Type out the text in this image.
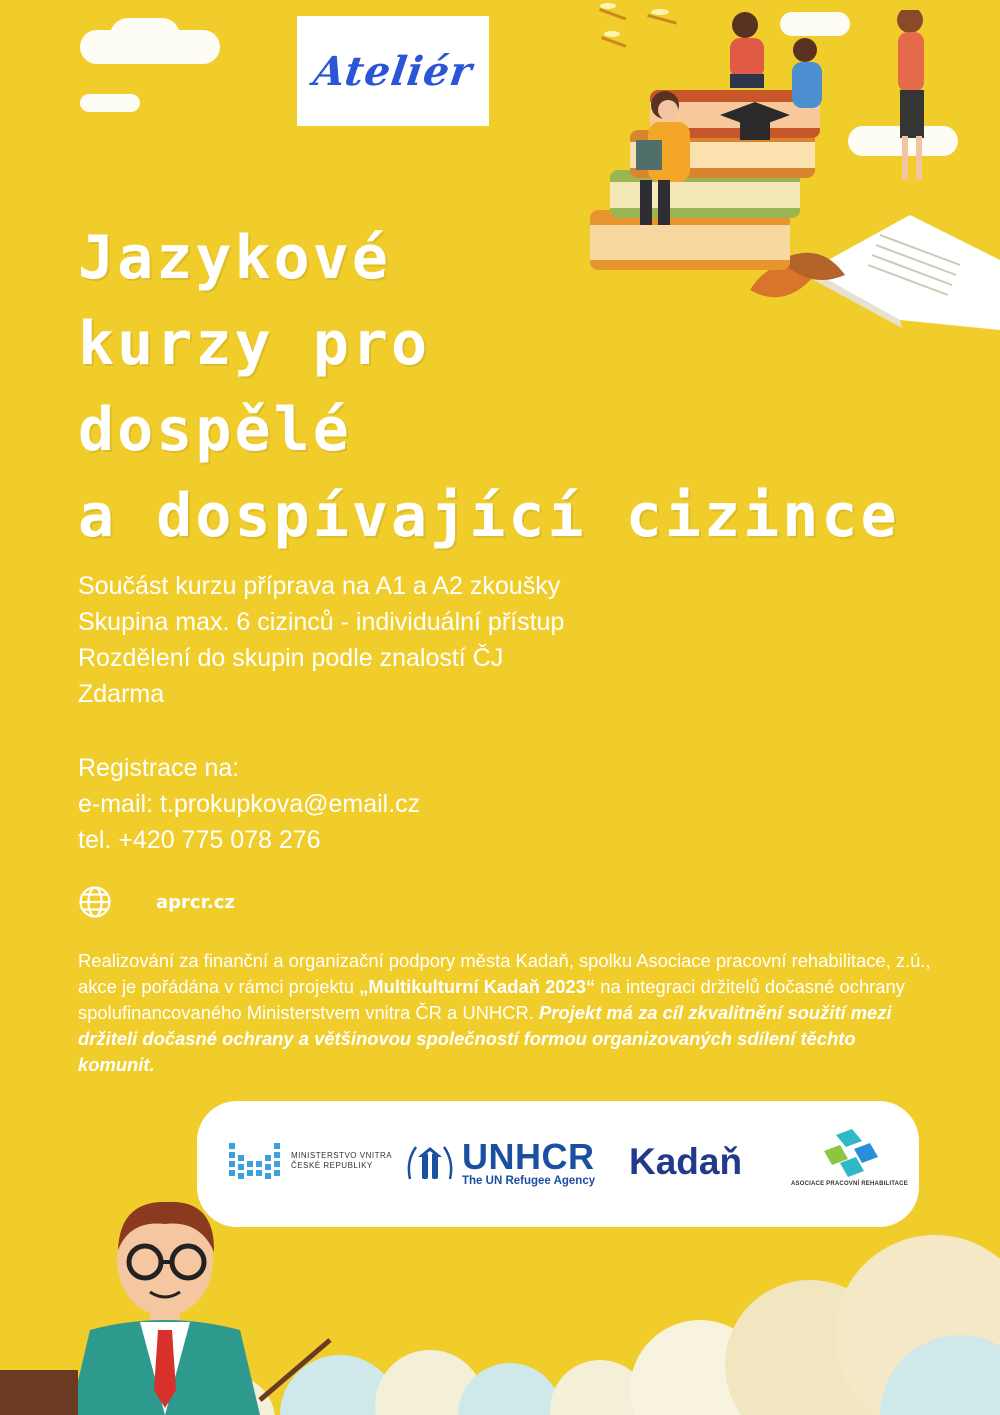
Ateliér
Jazykové
kurzy pro
dospělé
a dospívající cizince
Součást kurzu příprava na A1 a A2 zkoušky
Skupina max. 6 cizinců - individuální přístup
Rozdělení do skupin podle znalostí ČJ
Zdarma
Registrace na:
e-mail: t.prokupkova@email.cz
tel. +420 775 078 276
aprcr.cz
Realizování za finanční a organizační podpory města Kadaň, spolku Asociace pracovní rehabilitace, z.ú., akce je pořádána v rámci projektu „Multikulturní Kadaň 2023“ na integraci držitelů dočasné ochrany spolufinancovaného Ministerstvem vnitra ČR a UNHCR. Projekt má za cíl zkvalitnění soužití mezi držiteli dočasné ochrany a většinovou společností formou organizovaných sdílení těchto komunit.
MINISTERSTVO VNITRA
ČESKÉ REPUBLIKY	UNHCR
The UN Refugee Agency Kadaň
ASOCIACE PRACOVNÍ REHABILITACE
